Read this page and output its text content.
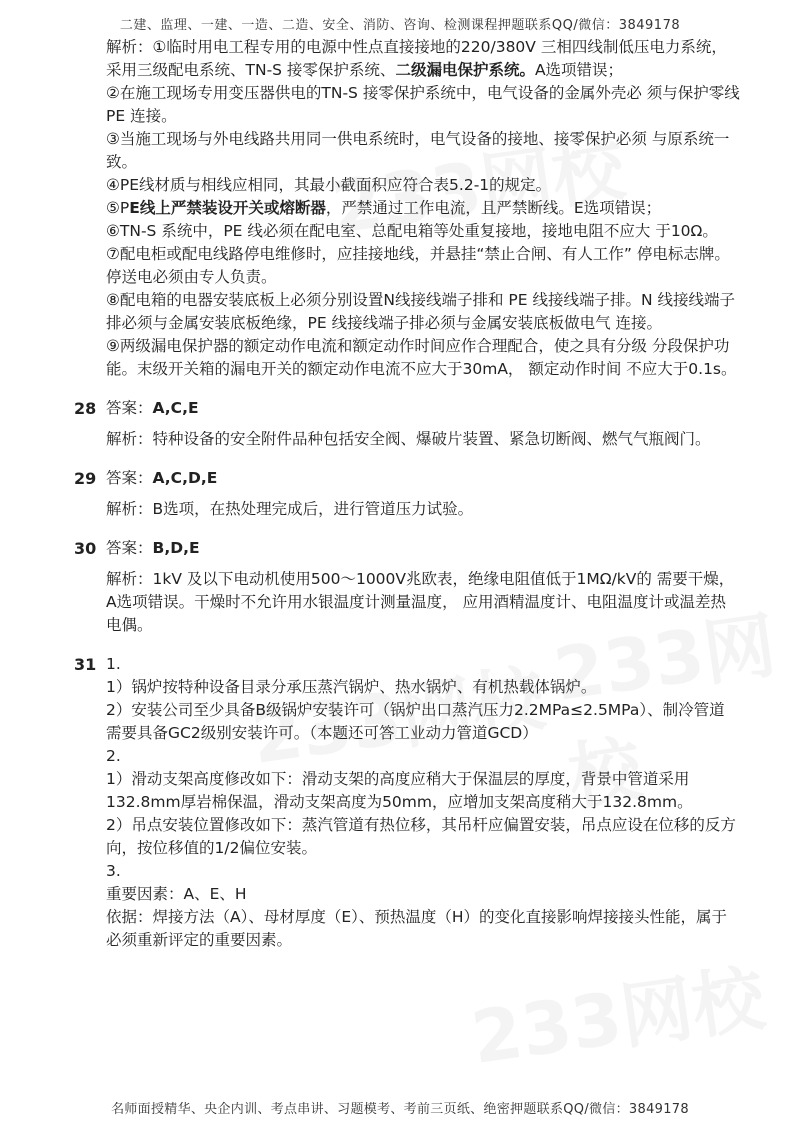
二建、监理、一建、一造、二造、安全、消防、咨询、检测课程押题联系QQ/微信：3849178
解析：①临时用电工程专用的电源中性点直接接地的220/380V 三相四线制低压电力系统，采用三级配电系统、TN-S 接零保护系统、二级漏电保护系统。A选项错误；
②在施工现场专用变压器供电的TN-S 接零保护系统中，电气设备的金属外壳必 须与保护零线PE 连接。
③当施工现场与外电线路共用同一供电系统时，电气设备的接地、接零保护必须 与原系统一致。
④PE线材质与相线应相同，其最小截面积应符合表5.2-1的规定。
⑤PE线上严禁装设开关或熔断器，严禁通过工作电流，且严禁断线。E选项错误；
⑥TN-S 系统中，PE 线必须在配电室、总配电箱等处重复接地，接地电阻不应大 于10Ω。
⑦配电柜或配电线路停电维修时，应挂接地线，并悬挂“禁止合闸、有人工作” 停电标志牌。停送电必须由专人负责。
⑧配电箱的电器安装底板上必须分别设置N线接线端子排和 PE 线接线端子排。N 线接线端子排必须与金属安装底板绝缘，PE 线接线端子排必须与金属安装底板做电气 连接。
⑨两级漏电保护器的额定动作电流和额定动作时间应作合理配合，使之具有分级 分段保护功能。末级开关箱的漏电开关的额定动作电流不应大于30mA， 额定动作时间 不应大于0.1s。
28 答案：A,C,E
解析：特种设备的安全附件品种包括安全阀、爆破片装置、紧急切断阀、燃气气瓶阀门。
29 答案：A,C,D,E
解析：B选项，在热处理完成后，进行管道压力试验。
30 答案：B,D,E
解析：1kV 及以下电动机使用500～1000V兆欧表，绝缘电阻值低于1MΩ/kV的 需要干燥，A选项错误。干燥时不允许用水银温度计测量温度， 应用酒精温度计、电阻温度计或温差热电偶。
31 1.
1）锅炉按特种设备目录分承压蒸汽锅炉、热水锅炉、有机热载体锅炉。
2）安装公司至少具备B级锅炉安装许可（锅炉出口蒸汽压力2.2MPa≤2.5MPa）、制冷管道需要具备GC2级别安装许可。（本题还可答工业动力管道GCD）
2.
1）滑动支架高度修改如下：滑动支架的高度应稍大于保温层的厚度，背景中管道采用132.8mm厚岩棉保温，滑动支架高度为50mm，应增加支架高度稍大于132.8mm。
2）吊点安装位置修改如下：蒸汽管道有热位移，其吊杆应偏置安装，吊点应设在位移的反方向，按位移值的1/2偏位安装。
3.
重要因素：A、E、H
依据：焊接方法（A）、母材厚度（E）、预热温度（H）的变化直接影响焊接接头性能，属于必须重新评定的重要因素。
名师面授精华、央企内训、考点串讲、习题模考、考前三页纸、绝密押题联系QQ/微信：3849178
